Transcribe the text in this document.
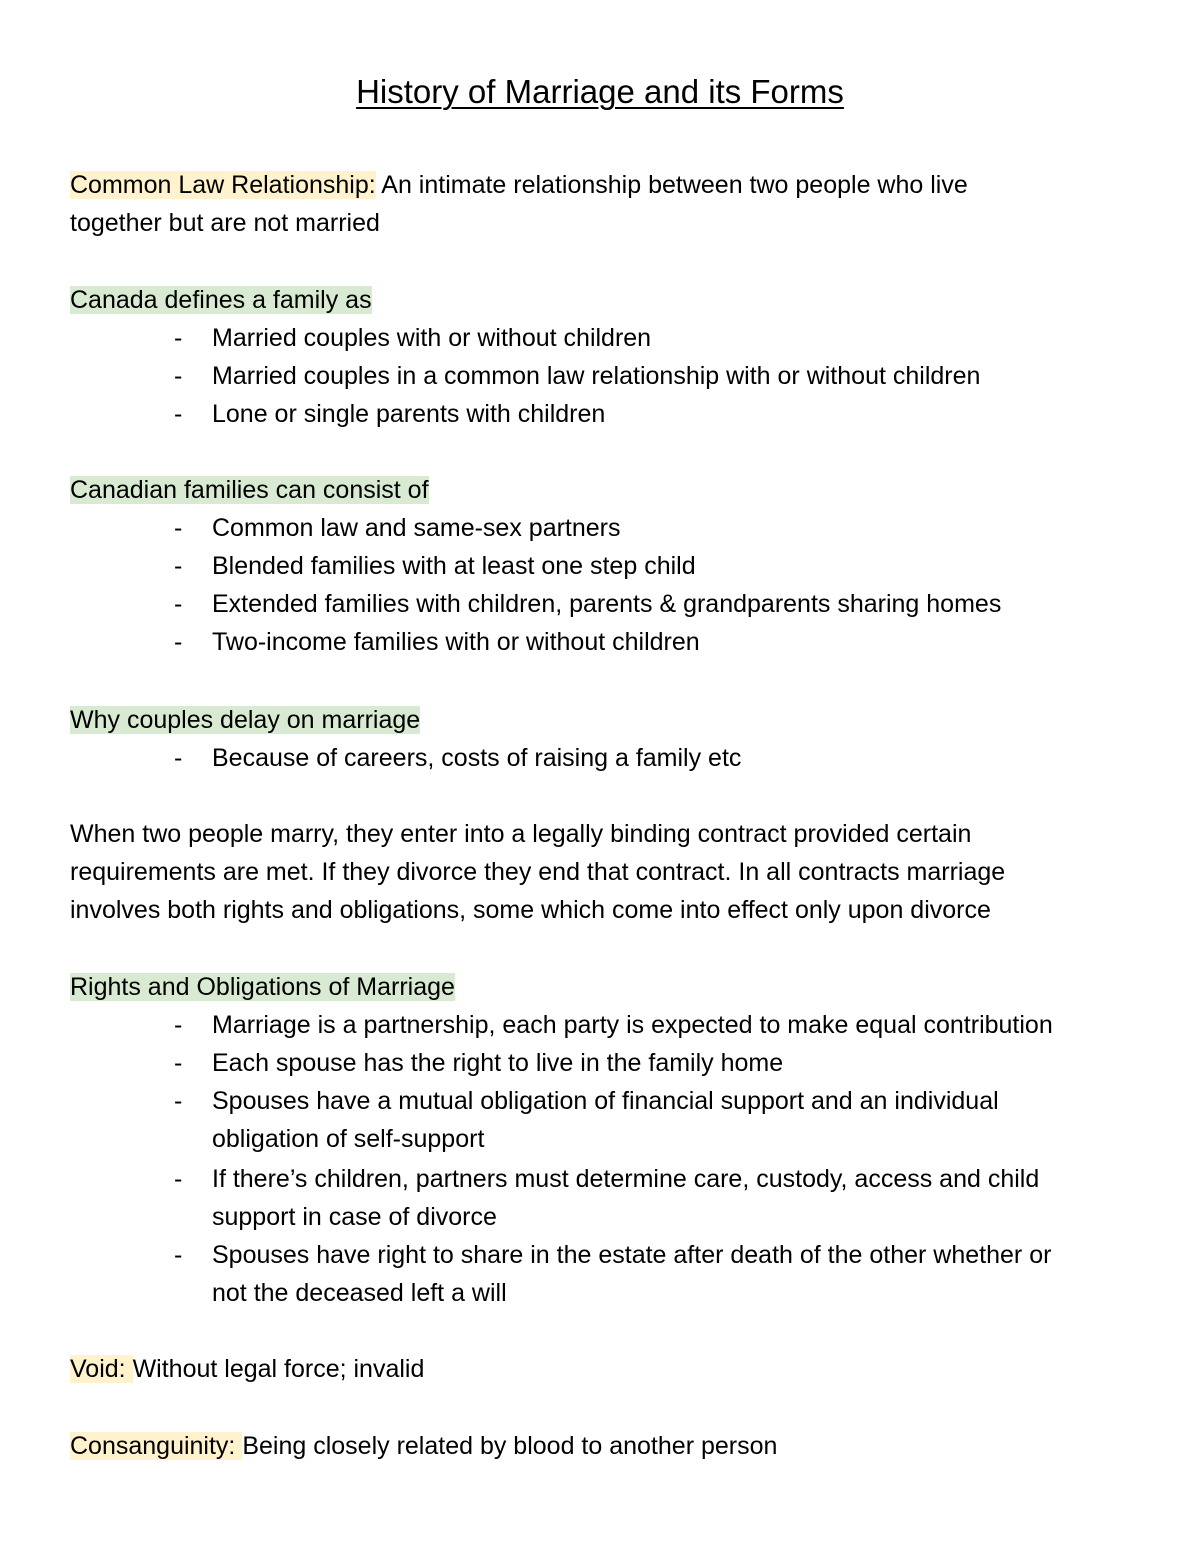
History of Marriage and its Forms
Common Law Relationship: An intimate relationship between two people who live
together but are not married
Canada defines a family as
- Married couples with or without children
- Married couples in a common law relationship with or without children
- Lone or single parents with children
Canadian families can consist of
- Common law and same-sex partners
- Blended families with at least one step child
- Extended families with children, parents & grandparents sharing homes
- Two-income families with or without children
Why couples delay on marriage
- Because of careers, costs of raising a family etc
When two people marry, they enter into a legally binding contract provided certain
requirements are met. If they divorce they end that contract. In all contracts marriage
involves both rights and obligations, some which come into effect only upon divorce
Rights and Obligations of Marriage
- Marriage is a partnership, each party is expected to make equal contribution
- Each spouse has the right to live in the family home
- Spouses have a mutual obligation of financial support and an individual
obligation of self-support
- If there’s children, partners must determine care, custody, access and child
support in case of divorce
- Spouses have right to share in the estate after death of the other whether or
not the deceased left a will
Void: Without legal force; invalid
Consanguinity: Being closely related by blood to another person
